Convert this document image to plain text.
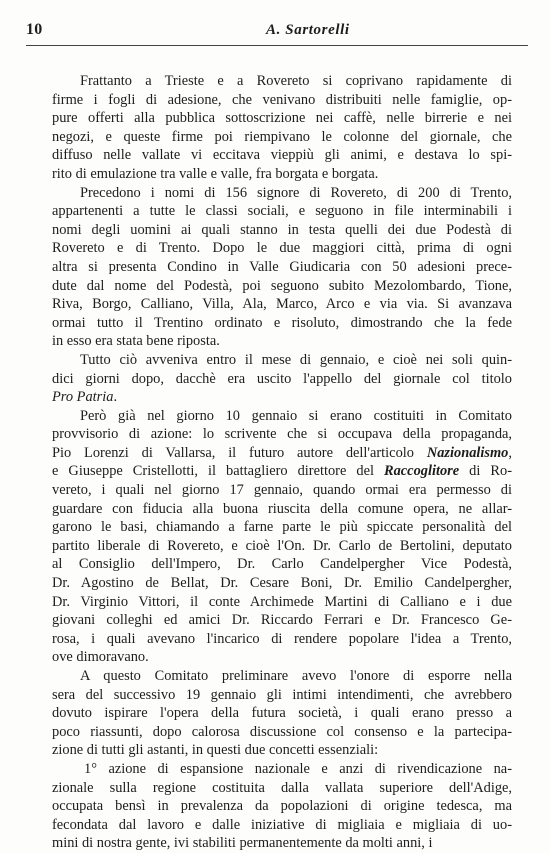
10	A. Sartorelli
Frattanto a Trieste e a Rovereto si coprivano rapidamente di
firme i fogli di adesione, che venivano distribuiti nelle famiglie, op-
pure offerti alla pubblica sottoscrizione nei caffè, nelle birrerie e nei
negozi, e queste firme poi riempivano le colonne del giornale, che
diffuso nelle vallate vi eccitava vieppiù gli animi, e destava lo spi-
rito di emulazione tra valle e valle, fra borgata e borgata.
Precedono i nomi di 156 signore di Rovereto, di 200 di Trento,
appartenenti a tutte le classi sociali, e seguono in file interminabili i
nomi degli uomini ai quali stanno in testa quelli dei due Podestà di
Rovereto e di Trento. Dopo le due maggiori città, prima di ogni
altra si presenta Condino in Valle Giudicaria con 50 adesioni prece-
dute dal nome del Podestà, poi seguono subito Mezolombardo, Tione,
Riva, Borgo, Calliano, Villa, Ala, Marco, Arco e via via. Si avanzava
ormai tutto il Trentino ordinato e risoluto, dimostrando che la fede
in esso era stata bene riposta.
Tutto ciò avveniva entro il mese di gennaio, e cioè nei soli quin-
dici giorni dopo, dacchè era uscito l'appello del giornale col titolo
Pro Patria.
Però già nel giorno 10 gennaio si erano costituiti in Comitato
provvisorio di azione: lo scrivente che si occupava della propaganda,
Pio Lorenzi di Vallarsa, il futuro autore dell'articolo Nazionalismo,
e Giuseppe Cristellotti, il battagliero direttore del Raccoglitore di Ro-
vereto, i quali nel giorno 17 gennaio, quando ormai era permesso di
guardare con fiducia alla buona riuscita della comune opera, ne allar-
garono le basi, chiamando a farne parte le più spiccate personalità del
partito liberale di Rovereto, e cioè l'On. Dr. Carlo de Bertolini, deputato
al Consiglio dell'Impero, Dr. Carlo Candelpergher Vice Podestà,
Dr. Agostino de Bellat, Dr. Cesare Boni, Dr. Emilio Candelpergher,
Dr. Virginio Vittori, il conte Archimede Martini di Calliano e i due
giovani colleghi ed amici Dr. Riccardo Ferrari e Dr. Francesco Ge-
rosa, i quali avevano l'incarico di rendere popolare l'idea a Trento,
ove dimoravano.
A questo Comitato preliminare avevo l'onore di esporre nella
sera del successivo 19 gennaio gli intimi intendimenti, che avrebbero
dovuto ispirare l'opera della futura società, i quali erano presso a
poco riassunti, dopo calorosa discussione col consenso e la partecipa-
zione di tutti gli astanti, in questi due concetti essenziali:
1° azione di espansione nazionale e anzi di rivendicazione na-
zionale sulla regione costituita dalla vallata superiore dell'Adige,
occupata bensì in prevalenza da popolazioni di origine tedesca, ma
fecondata dal lavoro e dalle iniziative di migliaia e migliaia di uo-
mini di nostra gente, ivi stabiliti permanentemente da molti anni, i
